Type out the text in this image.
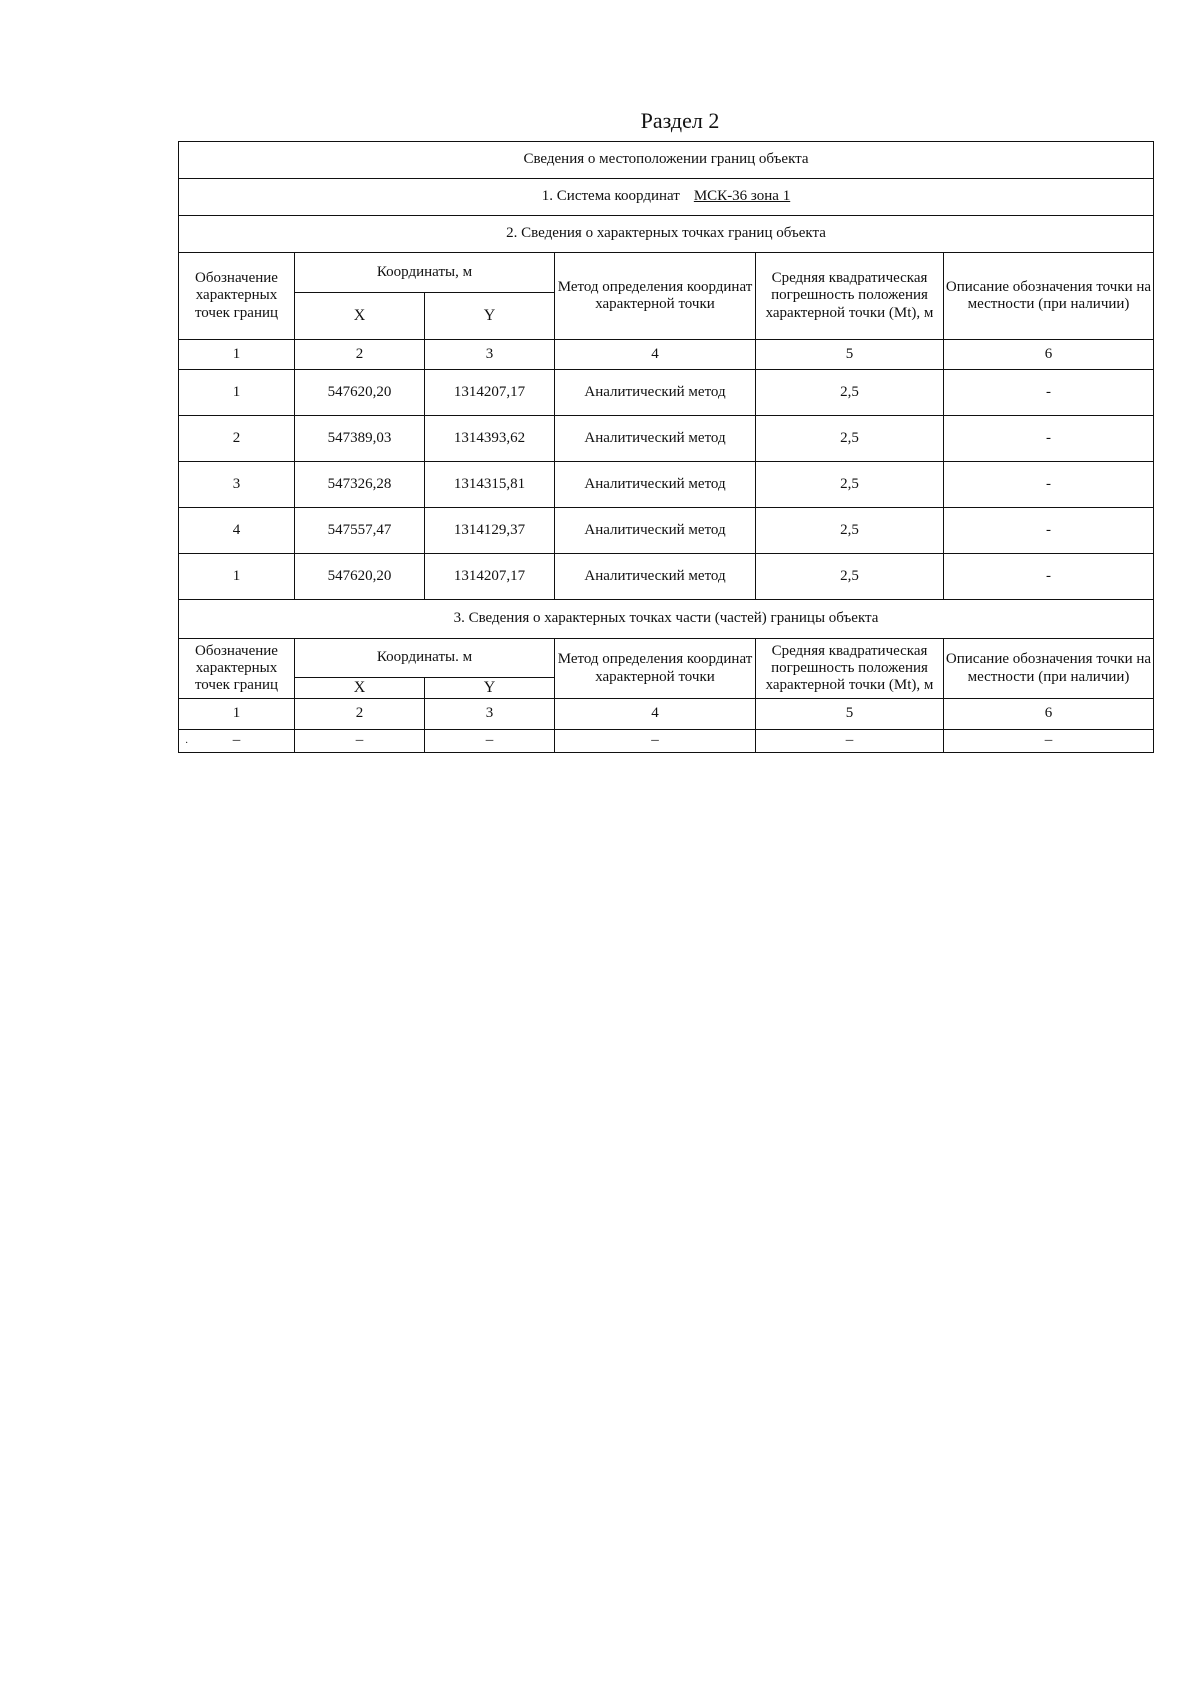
Раздел 2
Сведения о местоположении границ объекта					
1. Система координат МСК-36 зона 1					
2. Сведения о характерных точках границ объекта					
Обозначение характерных точек границ	Координаты, м		Метод определения координат характерной точки	Средняя квадратическая погрешность положения характерной точки (Mt), м	Описание обозначения точки на местности (при наличии)
	X	Y			
1	2	3	4	5	6
1	547620,20	1314207,17	Аналитический метод	2,5	-
2	547389,03	1314393,62	Аналитический метод	2,5	-
3	547326,28	1314315,81	Аналитический метод	2,5	-
4	547557,47	1314129,37	Аналитический метод	2,5	-
1	547620,20	1314207,17	Аналитический метод	2,5	-
3. Сведения о характерных точках части (частей) границы объекта					
Обозначение характерных точек границ	Координаты. м		Метод определения координат характерной точки	Средняя квадратическая погрешность положения характерной точки (Mt), м	Описание обозначения точки на местности (при наличии)
	X	Y			
1	2	3	4	5	6

· –	–	–	–	–	–
